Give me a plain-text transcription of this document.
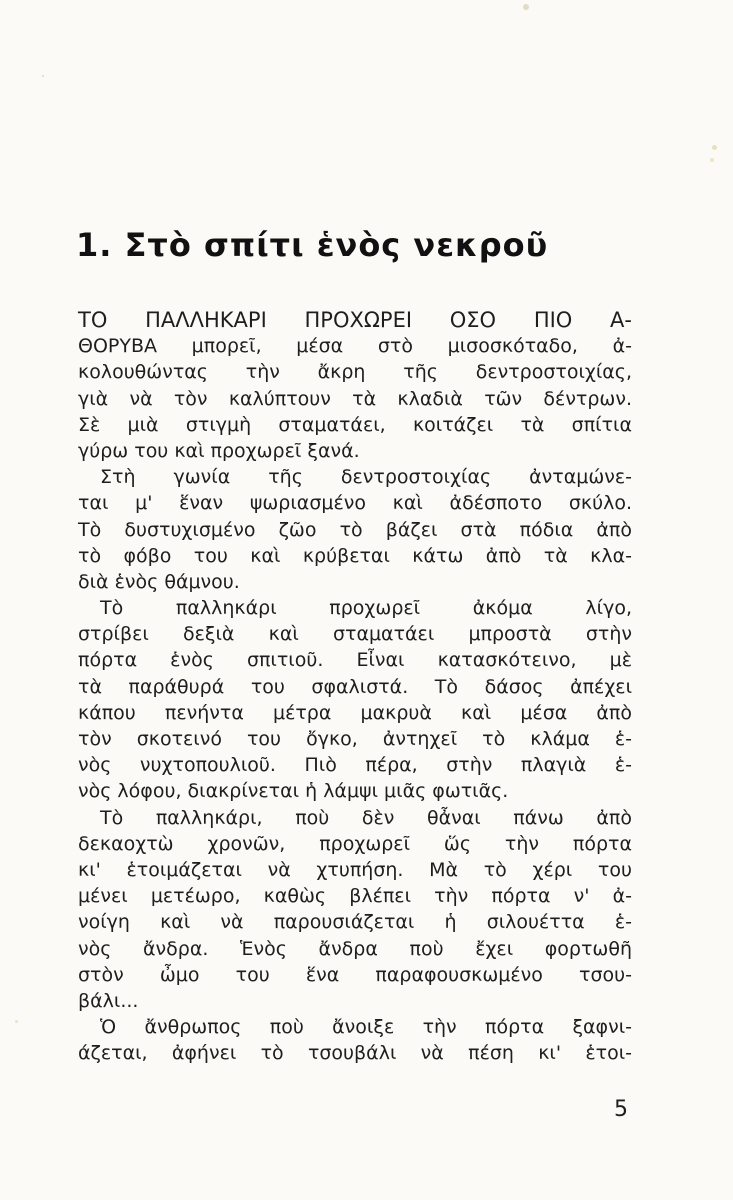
1. Στὸ σπίτι ἑνὸς νεκροῦ
ΤΟ ΠΑΛΛΗΚΑΡΙ ΠΡΟΧΩΡΕΙ ΟΣΟ ΠΙΟ Α-
ΘΟΡΥΒΑ μπορεῖ, μέσα στὸ μισοσκόταδο, ἀ-
κολουθώντας τὴν ἄκρη τῆς δεντροστοιχίας,
γιὰ νὰ τὸν καλύπτουν τὰ κλαδιὰ τῶν δέντρων.
Σὲ μιὰ στιγμὴ σταματάει, κοιτάζει τὰ σπίτια
γύρω του καὶ προχωρεῖ ξανά.
Στὴ γωνία τῆς δεντροστοιχίας ἀνταμώνε-
ται μ' ἕναν ψωριασμένο καὶ ἀδέσποτο σκύλο.
Τὸ δυστυχισμένο ζῶο τὸ βάζει στὰ πόδια ἀπὸ
τὸ φόβο του καὶ κρύβεται κάτω ἀπὸ τὰ κλα-
διὰ ἑνὸς θάμνου.
Τὸ παλληκάρι προχωρεῖ ἀκόμα λίγο,
στρίβει δεξιὰ καὶ σταματάει μπροστὰ στὴν
πόρτα ἑνὸς σπιτιοῦ. Εἶναι κατασκότεινο, μὲ
τὰ παράθυρά του σφαλιστά. Τὸ δάσος ἀπέχει
κάπου πενήντα μέτρα μακρυὰ καὶ μέσα ἀπὸ
τὸν σκοτεινό του ὄγκο, ἀντηχεῖ τὸ κλάμα ἑ-
νὸς νυχτοπουλιοῦ. Πιὸ πέρα, στὴν πλαγιὰ ἑ-
νὸς λόφου, διακρίνεται ἡ λάμψι μιᾶς φωτιᾶς.
Τὸ παλληκάρι, ποὺ δὲν θἆναι πάνω ἀπὸ
δεκαοχτὼ χρονῶν, προχωρεῖ ὥς τὴν πόρτα
κι' ἑτοιμάζεται νὰ χτυπήση. Μὰ τὸ χέρι του
μένει μετέωρο, καθὼς βλέπει τὴν πόρτα ν' ἀ-
νοίγη καὶ νὰ παρουσιάζεται ἡ σιλουέττα ἑ-
νὸς ἄνδρα. Ἑνὸς ἄνδρα ποὺ ἔχει φορτωθῆ
στὸν ὦμο του ἕνα παραφουσκωμένο τσου-
βάλι...
Ὁ ἄνθρωπος ποὺ ἄνοιξε τὴν πόρτα ξαφνι-
άζεται, ἀφήνει τὸ τσουβάλι νὰ πέση κι' ἑτοι-
5
